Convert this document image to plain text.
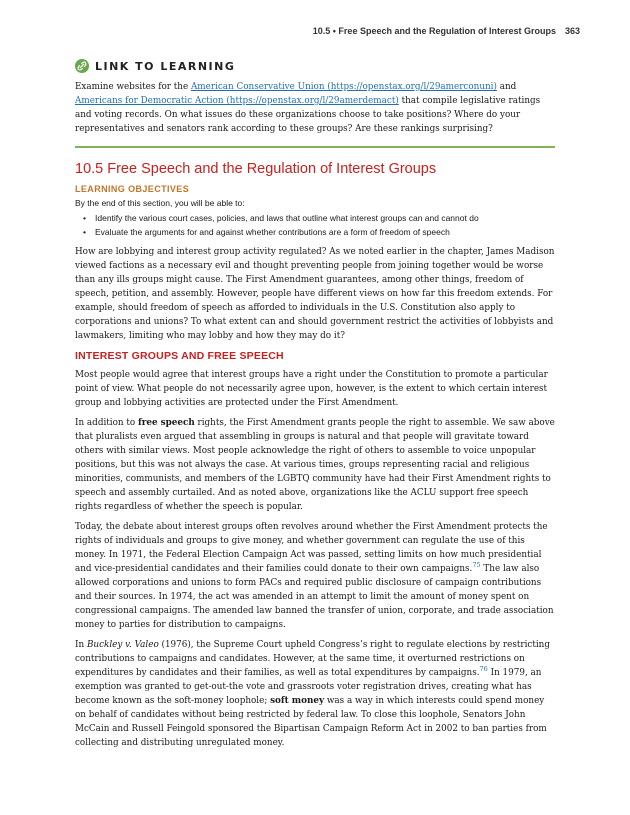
10.5 • Free Speech and the Regulation of Interest Groups 363
LINK TO LEARNING

Examine websites for the American Conservative Union (https://openstax.org/l/29amerconuni) and Americans for Democratic Action (https://openstax.org/l/29amerdemact) that compile legislative ratings and voting records. On what issues do these organizations choose to take positions? Where do your representatives and senators rank according to these groups? Are these rankings surprising?

10.5 Free Speech and the Regulation of Interest Groups
LEARNING OBJECTIVES
By the end of this section, you will be able to:
• Identify the various court cases, policies, and laws that outline what interest groups can and cannot do
• Evaluate the arguments for and against whether contributions are a form of freedom of speech

How are lobbying and interest group activity regulated? As we noted earlier in the chapter, James Madison viewed factions as a necessary evil and thought preventing people from joining together would be worse than any ills groups might cause. The First Amendment guarantees, among other things, freedom of speech, petition, and assembly. However, people have different views on how far this freedom extends. For example, should freedom of speech as afforded to individuals in the U.S. Constitution also apply to corporations and unions? To what extent can and should government restrict the activities of lobbyists and lawmakers, limiting who may lobby and how they may do it?

INTEREST GROUPS AND FREE SPEECH

Most people would agree that interest groups have a right under the Constitution to promote a particular point of view. What people do not necessarily agree upon, however, is the extent to which certain interest group and lobbying activities are protected under the First Amendment.

In addition to free speech rights, the First Amendment grants people the right to assemble. We saw above that pluralists even argued that assembling in groups is natural and that people will gravitate toward others with similar views. Most people acknowledge the right of others to assemble to voice unpopular positions, but this was not always the case. At various times, groups representing racial and religious minorities, communists, and members of the LGBTQ community have had their First Amendment rights to speech and assembly curtailed. And as noted above, organizations like the ACLU support free speech rights regardless of whether the speech is popular.

Today, the debate about interest groups often revolves around whether the First Amendment protects the rights of individuals and groups to give money, and whether government can regulate the use of this money. In 1971, the Federal Election Campaign Act was passed, setting limits on how much presidential and vice-presidential candidates and their families could donate to their own campaigns.$^{75}$ The law also allowed corporations and unions to form PACs and required public disclosure of campaign contributions and their sources. In 1974, the act was amended in an attempt to limit the amount of money spent on congressional campaigns. The amended law banned the transfer of union, corporate, and trade association money to parties for distribution to campaigns.

In Buckley v. Valeo (1976), the Supreme Court upheld Congress’s right to regulate elections by restricting contributions to campaigns and candidates. However, at the same time, it overturned restrictions on expenditures by candidates and their families, as well as total expenditures by campaigns.$^{76}$ In 1979, an exemption was granted to get-out-the vote and grassroots voter registration drives, creating what has become known as the soft-money loophole; soft money was a way in which interests could spend money on behalf of candidates without being restricted by federal law. To close this loophole, Senators John McCain and Russell Feingold sponsored the Bipartisan Campaign Reform Act in 2002 to ban parties from collecting and distributing unregulated money.
